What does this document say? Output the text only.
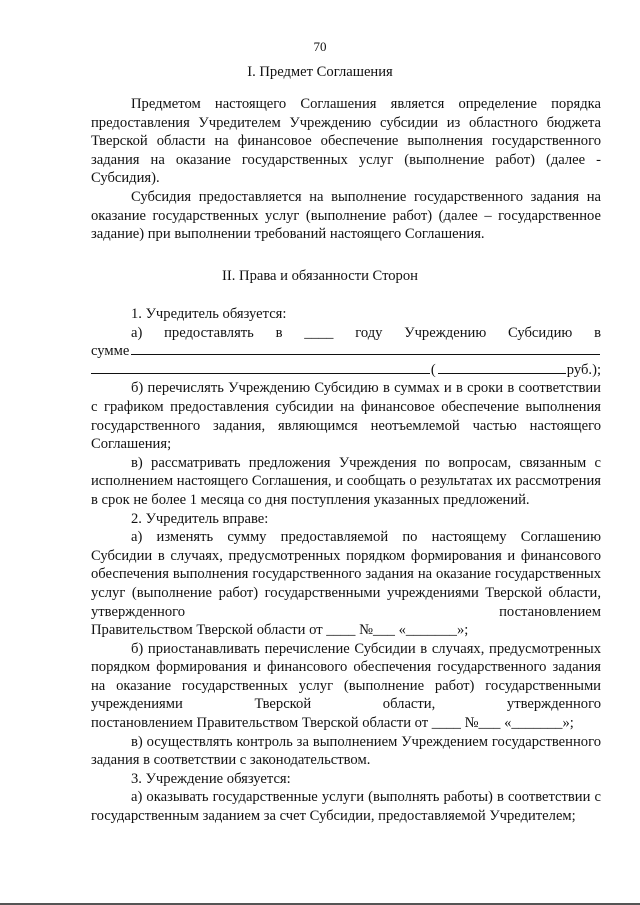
70
I. Предмет Соглашения

Предметом настоящего Соглашения является определение порядка предоставления Учредителем Учреждению субсидии из областного бюджета Тверской области на финансовое обеспечение выполнения государственного задания на оказание государственных услуг (выполнение работ) (далее - Субсидия).

Субсидия предоставляется на выполнение государственного задания на оказание государственных услуг (выполнение работ) (далее – государственное задание) при выполнении требований настоящего Соглашения.

II. Права и обязанности Сторон

1. Учредитель обязуется:

а) предоставлять в ____ году Учреждению Субсидию в

сумме
(	руб.);

б) перечислять Учреждению Субсидию в суммах и в сроки в соответствии с графиком предоставления субсидии на финансовое обеспечение выполнения государственного задания, являющимся неотъемлемой частью настоящего Соглашения;

в) рассматривать предложения Учреждения по вопросам, связанным с исполнением настоящего Соглашения, и сообщать о результатах их рассмотрения в срок не более 1 месяца со дня поступления указанных предложений.

2. Учредитель вправе:

а) изменять сумму предоставляемой по настоящему Соглашению Субсидии в случаях, предусмотренных порядком формирования и финансового обеспечения выполнения государственного задания на оказание государственных услуг (выполнение работ) государственными учреждениями Тверской области, утвержденного постановлением

Правительством Тверской области от ____ №___ «_______»;

б) приостанавливать перечисление Субсидии в случаях, предусмотренных порядком формирования и финансового обеспечения государственного задания на оказание государственных услуг (выполнение работ) государственными учреждениями Тверской области, утвержденного

постановлением Правительством Тверской области от ____ №___ «_______»;

в) осуществлять контроль за выполнением Учреждением государственного задания в соответствии с законодательством.

3. Учреждение обязуется:

а) оказывать государственные услуги (выполнять работы) в соответствии с государственным заданием за счет Субсидии, предоставляемой Учредителем;
